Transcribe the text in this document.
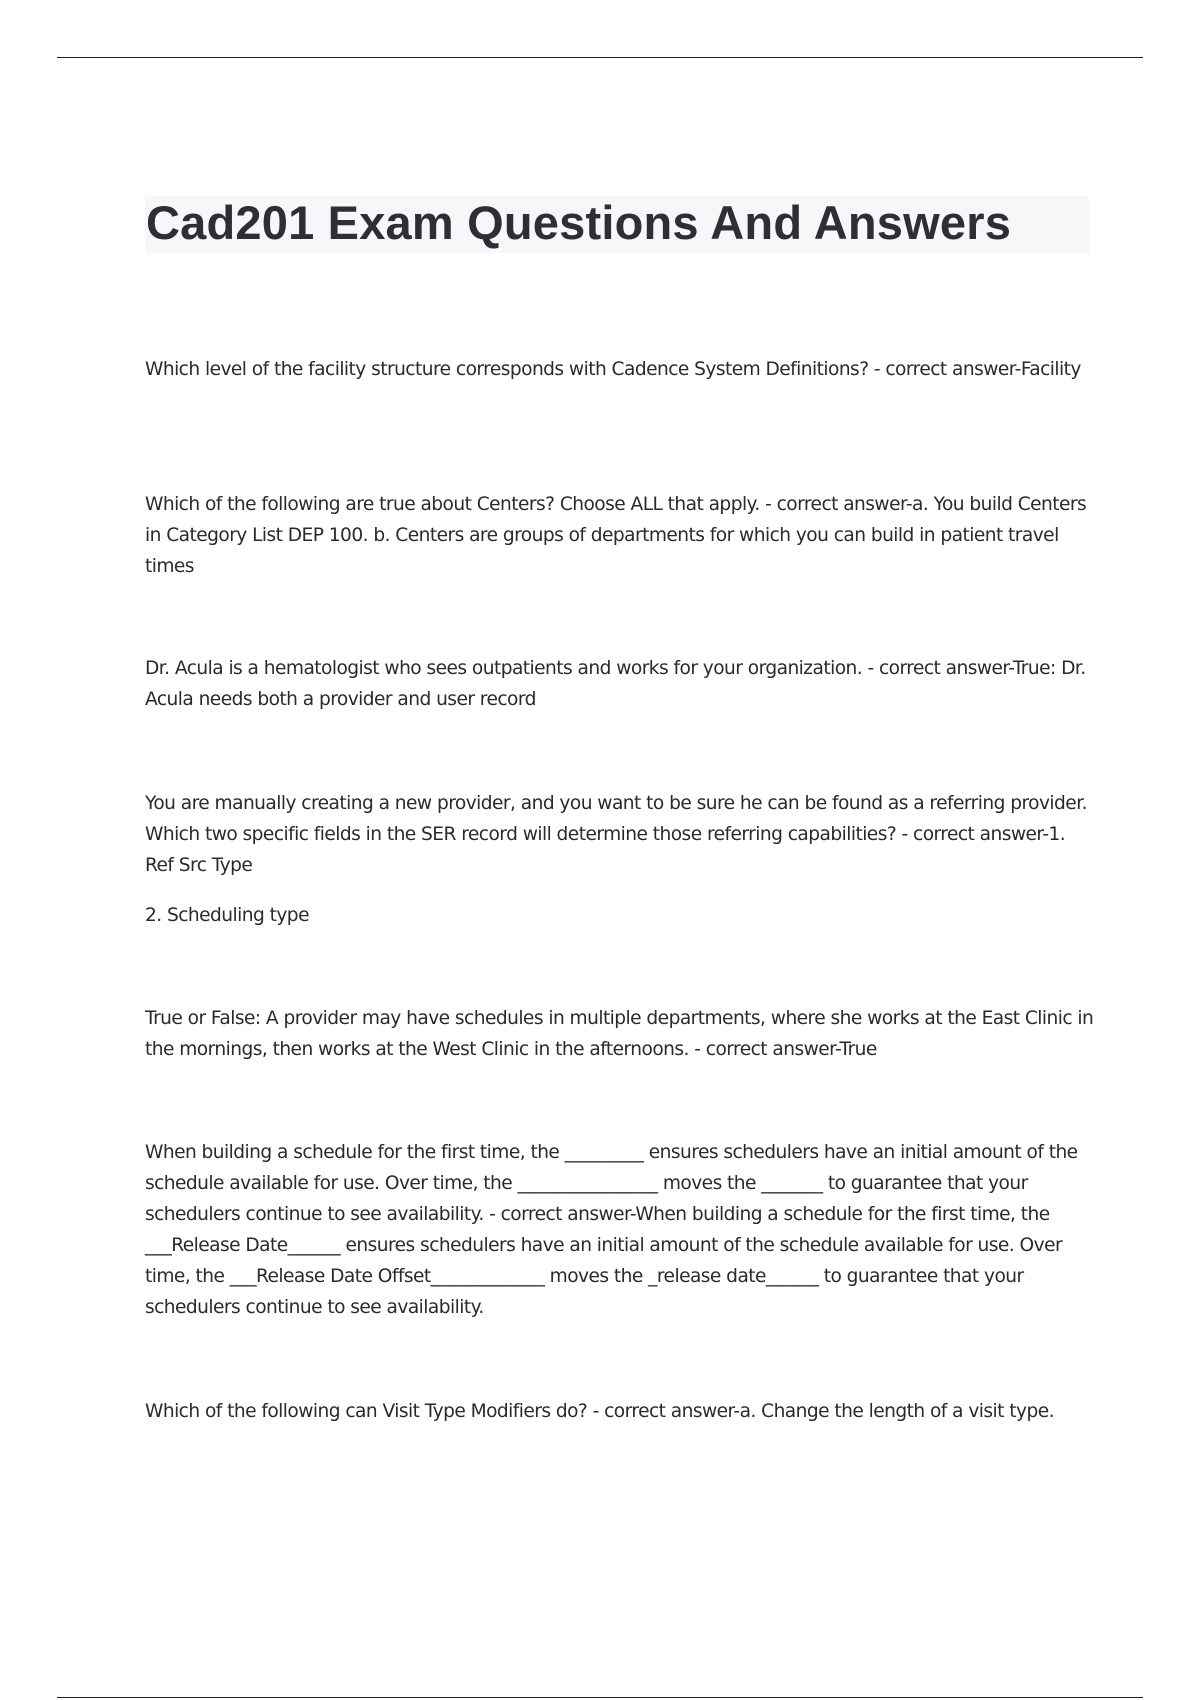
Cad201 Exam Questions And Answers

Which level of the facility structure corresponds with Cadence System Definitions? - correct answer-Facility

Which of the following are true about Centers? Choose ALL that apply. - correct answer-a. You build Centers in Category List DEP 100. b. Centers are groups of departments for which you can build in patient travel times

Dr. Acula is a hematologist who sees outpatients and works for your organization. - correct answer-True: Dr. Acula needs both a provider and user record

You are manually creating a new provider, and you want to be sure he can be found as a referring provider. Which two specific fields in the SER record will determine those referring capabilities? - correct answer-1. Ref Src Type

2. Scheduling type

True or False: A provider may have schedules in multiple departments, where she works at the East Clinic in the mornings, then works at the West Clinic in the afternoons. - correct answer-True

When building a schedule for the first time, the _________ ensures schedulers have an initial amount of the schedule available for use. Over time, the ________________ moves the _______ to guarantee that your schedulers continue to see availability. - correct answer-When building a schedule for the first time, the ___Release Date______ ensures schedulers have an initial amount of the schedule available for use. Over time, the ___Release Date Offset_____________ moves the _release date______ to guarantee that your schedulers continue to see availability.

Which of the following can Visit Type Modifiers do? - correct answer-a. Change the length of a visit type.
